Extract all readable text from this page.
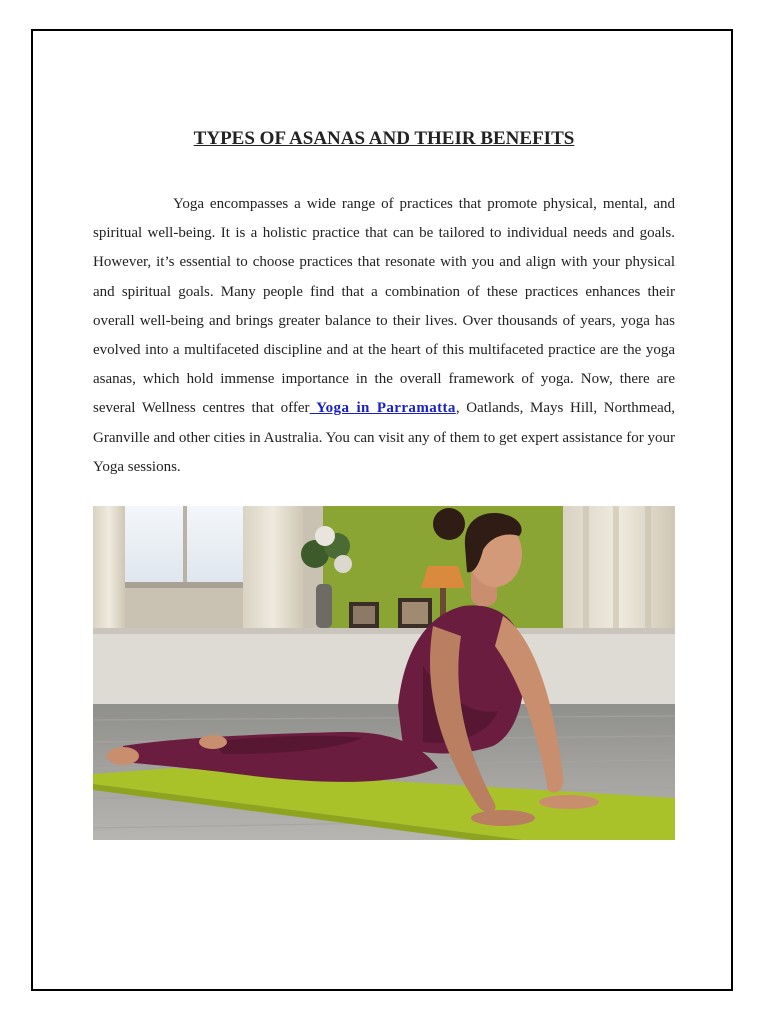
TYPES OF ASANAS AND THEIR BENEFITS

Yoga encompasses a wide range of practices that promote physical, mental, and spiritual well-being. It is a holistic practice that can be tailored to individual needs and goals. However, it’s essential to choose practices that resonate with you and align with your physical and spiritual goals. Many people find that a combination of these practices enhances their overall well-being and brings greater balance to their lives. Over thousands of years, yoga has evolved into a multifaceted discipline and at the heart of this multifaceted practice are the yoga asanas, which hold immense importance in the overall framework of yoga. Now, there are several Wellness centres that offer Yoga in Parramatta, Oatlands, Mays Hill, Northmead, Granville and other cities in Australia. You can visit any of them to get expert assistance for your Yoga sessions.
